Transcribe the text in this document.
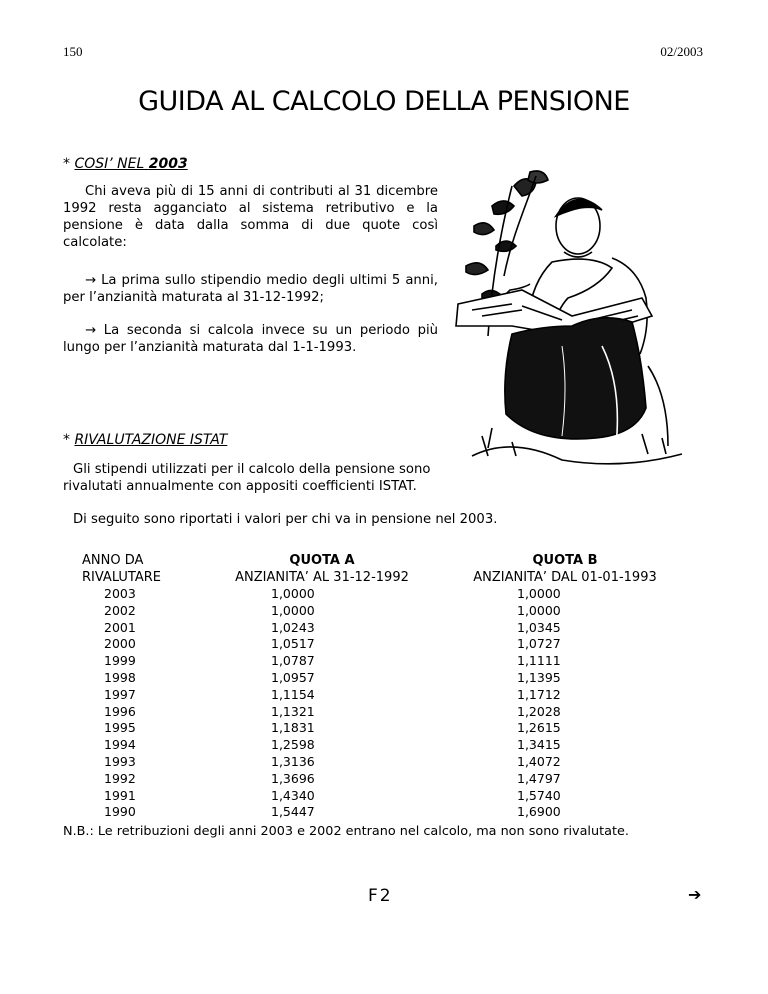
150	02/2003
GUIDA AL CALCOLO DELLA PENSIONE
* COSI’ NEL 2003
Chi aveva più di 15 anni di contributi al 31 dicembre 1992 resta agganciato al sistema retributivo e la pensione è data dalla somma di due quote così calcolate:
→ La prima sullo stipendio medio degli ultimi 5 anni, per l’anzianità maturata al 31-12-1992;
→ La seconda si calcola invece su un periodo più lungo per l’anzianità maturata dal 1-1-1993.
* RIVALUTAZIONE ISTAT
Gli stipendi utilizzati per il calcolo della pensione sono rivalutati annualmente con appositi coefficienti ISTAT.
Di seguito sono riportati i valori per chi va in pensione nel 2003.
ANNO DA
RIVALUTARE
QUOTA A
ANZIANITA’ AL 31-12-1992
QUOTA B
ANZIANITA’ DAL 01-01-1993
2003
2002
2001
2000
1999
1998
1997
1996
1995
1994
1993
1992
1991
1990
1,0000
1,0000
1,0243
1,0517
1,0787
1,0957
1,1154
1,1321
1,1831
1,2598
1,3136
1,3696
1,4340
1,5447
1,0000
1,0000
1,0345
1,0727
1,1111
1,1395
1,1712
1,2028
1,2615
1,3415
1,4072
1,4797
1,5740
1,6900
N.B.: Le retribuzioni degli anni 2003 e 2002 entrano nel calcolo, ma non sono rivalutate.
F2	➔
